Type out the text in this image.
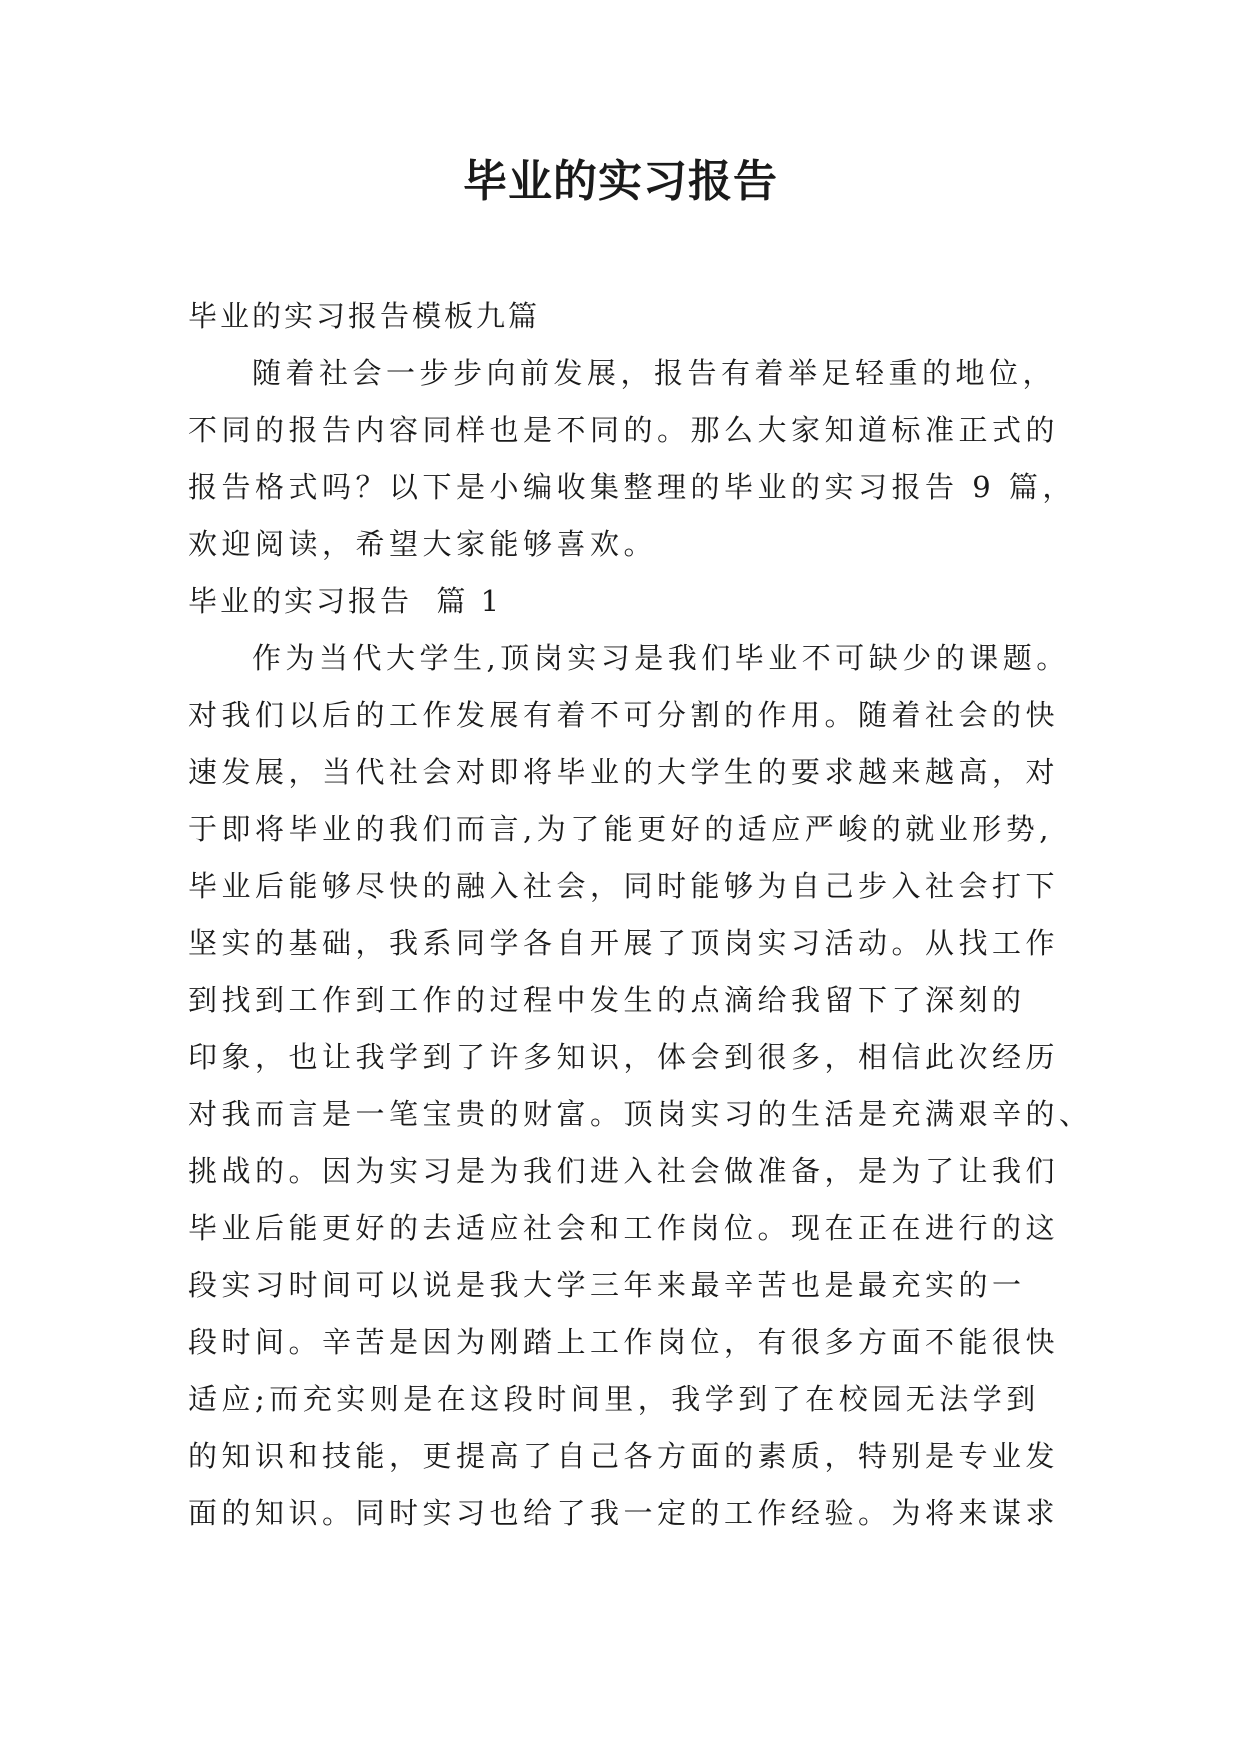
毕业的实习报告
毕业的实习报告模板九篇
随着社会一步步向前发展，报告有着举足轻重的地位，
不同的报告内容同样也是不同的。那么大家知道标准正式的
报告格式吗？以下是小编收集整理的毕业的实习报告 9 篇，
欢迎阅读，希望大家能够喜欢。
毕业的实习报告  篇 1
作为当代大学生,顶岗实习是我们毕业不可缺少的课题。
对我们以后的工作发展有着不可分割的作用。随着社会的快
速发展，当代社会对即将毕业的大学生的要求越来越高，对
于即将毕业的我们而言,为了能更好的适应严峻的就业形势,
毕业后能够尽快的融入社会，同时能够为自己步入社会打下
坚实的基础，我系同学各自开展了顶岗实习活动。从找工作
到找到工作到工作的过程中发生的点滴给我留下了深刻的
印象，也让我学到了许多知识，体会到很多，相信此次经历
对我而言是一笔宝贵的财富。顶岗实习的生活是充满艰辛的、
挑战的。因为实习是为我们进入社会做准备，是为了让我们
毕业后能更好的去适应社会和工作岗位。现在正在进行的这
段实习时间可以说是我大学三年来最辛苦也是最充实的一
段时间。辛苦是因为刚踏上工作岗位，有很多方面不能很快
适应;而充实则是在这段时间里，我学到了在校园无法学到
的知识和技能，更提高了自己各方面的素质，特别是专业发
面的知识。同时实习也给了我一定的工作经验。为将来谋求
